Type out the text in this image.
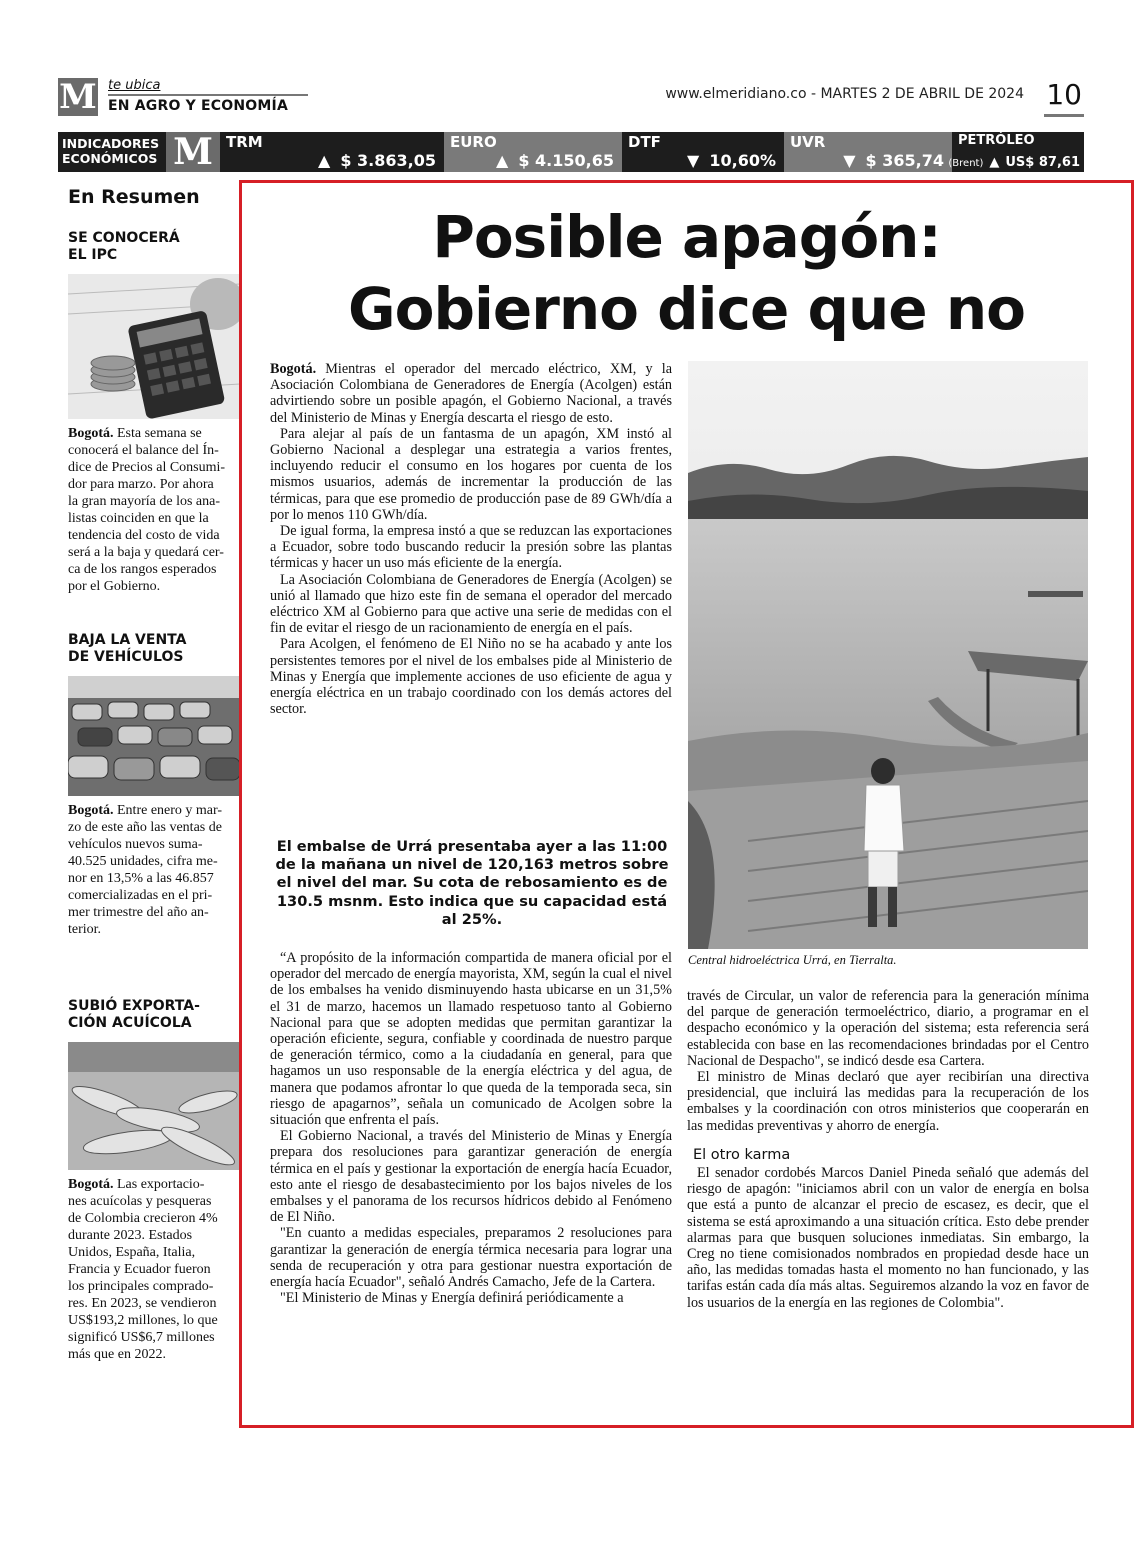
M te ubica
EN AGRO Y ECONOMÍA
www.elmeridiano.co - MARTES 2 DE ABRIL DE 2024 10
INDICADORES
ECONÓMICOS M TRM
▲ $ 3.863,05
EURO
▲ $ 4.150,65
DTF
▼ 10,60%
UVR
▼ $ 365,74
PETRÓLEO
(Brent) ▲ US$ 87,61
En Resumen
SE CONOCERÁ
EL IPC

Bogotá. Esta semana se
conocerá el balance del Ín-
dice de Precios al Consumi-
dor para marzo. Por ahora
la gran mayoría de los ana-
listas coinciden en que la
tendencia del costo de vida
será a la baja y quedará cer-
ca de los rangos esperados
por el Gobierno.

BAJA LA VENTA
DE VEHÍCULOS

Bogotá. Entre enero y mar-
zo de este año las ventas de
vehículos nuevos suma-
40.525 unidades, cifra me-
nor en 13,5% a las 46.857
comercializadas en el pri-
mer trimestre del año an-
terior.

SUBIÓ EXPORTA-
CIÓN ACUÍCOLA

Bogotá. Las exportacio-
nes acuícolas y pesqueras
de Colombia crecieron 4%
durante 2023. Estados
Unidos, España, Italia,
Francia y Ecuador fueron
los principales comprado-
res. En 2023, se vendieron
US$193,2 millones, lo que
significó US$6,7 millones
más que en 2022.

Posible apagón:
Gobierno dice que no

Bogotá. Mientras el operador del mercado eléctrico, XM, y la Asociación Colombiana de Generadores de Energía (Acolgen) están advirtiendo sobre un posible apagón, el Gobierno Nacional, a través del Ministerio de Minas y Energía descarta el riesgo de esto.

Para alejar al país de un fantasma de un apagón, XM instó al Gobierno Nacional a desplegar una estrategia a varios frentes, incluyendo reducir el consumo en los hogares por cuenta de los mismos usuarios, además de incrementar la producción de las térmicas, para que ese promedio de producción pase de 89 GWh/día a por lo menos 110 GWh/día.

De igual forma, la empresa instó a que se reduzcan las exportaciones a Ecuador, sobre todo buscando reducir la presión sobre las plantas térmicas y hacer un uso más eficiente de la energía.

La Asociación Colombiana de Generadores de Energía (Acolgen) se unió al llamado que hizo este fin de semana el operador del mercado eléctrico XM al Gobierno para que active una serie de medidas con el fin de evitar el riesgo de un racionamiento de energía en el país.

Para Acolgen, el fenómeno de El Niño no se ha acabado y ante los persistentes temores por el nivel de los embalses pide al Ministerio de Minas y Energía que implemente acciones de uso eficiente de agua y energía eléctrica en un trabajo coordinado con los demás actores del sector.

El embalse de Urrá presentaba ayer a las 11:00 de la mañana un nivel de 120,163 metros sobre el nivel del mar. Su cota de rebosamiento es de 130.5 msnm. Esto indica que su capacidad está al 25%.

“A propósito de la información compartida de manera oficial por el operador del mercado de energía mayorista, XM, según la cual el nivel de los embalses ha venido disminuyendo hasta ubicarse en un 31,5% el 31 de marzo, hacemos un llamado respetuoso tanto al Gobierno Nacional para que se adopten medidas que permitan garantizar la operación eficiente, segura, confiable y coordinada de nuestro parque de generación térmico, como a la ciudadanía en general, para que hagamos un uso responsable de la energía eléctrica y del agua, de manera que podamos afrontar lo que queda de la temporada seca, sin riesgo de apagarnos”, señala un comunicado de Acolgen sobre la situación que enfrenta el país.

El Gobierno Nacional, a través del Ministerio de Minas y Energía prepara dos resoluciones para garantizar generación de energía térmica en el país y gestionar la exportación de energía hacía Ecuador, esto ante el riesgo de desabastecimiento por los bajos niveles de los embalses y el panorama de los recursos hídricos debido al Fenómeno de El Niño.

"En cuanto a medidas especiales, preparamos 2 resoluciones para garantizar la generación de energía térmica necesaria para lograr una senda de recuperación y otra para gestionar nuestra exportación de energía hacía Ecuador", señaló Andrés Camacho, Jefe de la Cartera.

"El Ministerio de Minas y Energía definirá periódicamente a

Central hidroeléctrica Urrá, en Tierralta.

través de Circular, un valor de referencia para la generación mínima del parque de generación termoeléctrico, diario, a programar en el despacho económico y la operación del sistema; esta referencia será establecida con base en las recomendaciones brindadas por el Centro Nacional de Despacho", se indicó desde esa Cartera.

El ministro de Minas declaró que ayer recibirían una directiva presidencial, que incluirá las medidas para la recuperación de los embalses y la coordinación con otros ministerios que cooperarán en las medidas preventivas y ahorro de energía.

El otro karma

El senador cordobés Marcos Daniel Pineda señaló que además del riesgo de apagón: "iniciamos abril con un valor de energía en bolsa que está a punto de alcanzar el precio de escasez, es decir, que el sistema se está aproximando a una situación crítica. Esto debe prender alarmas para que busquen soluciones inmediatas. Sin embargo, la Creg no tiene comisionados nombrados en propiedad desde hace un año, las medidas tomadas hasta el momento no han funcionado, y las tarifas están cada día más altas. Seguiremos alzando la voz en favor de los usuarios de la energía en las regiones de Colombia".
